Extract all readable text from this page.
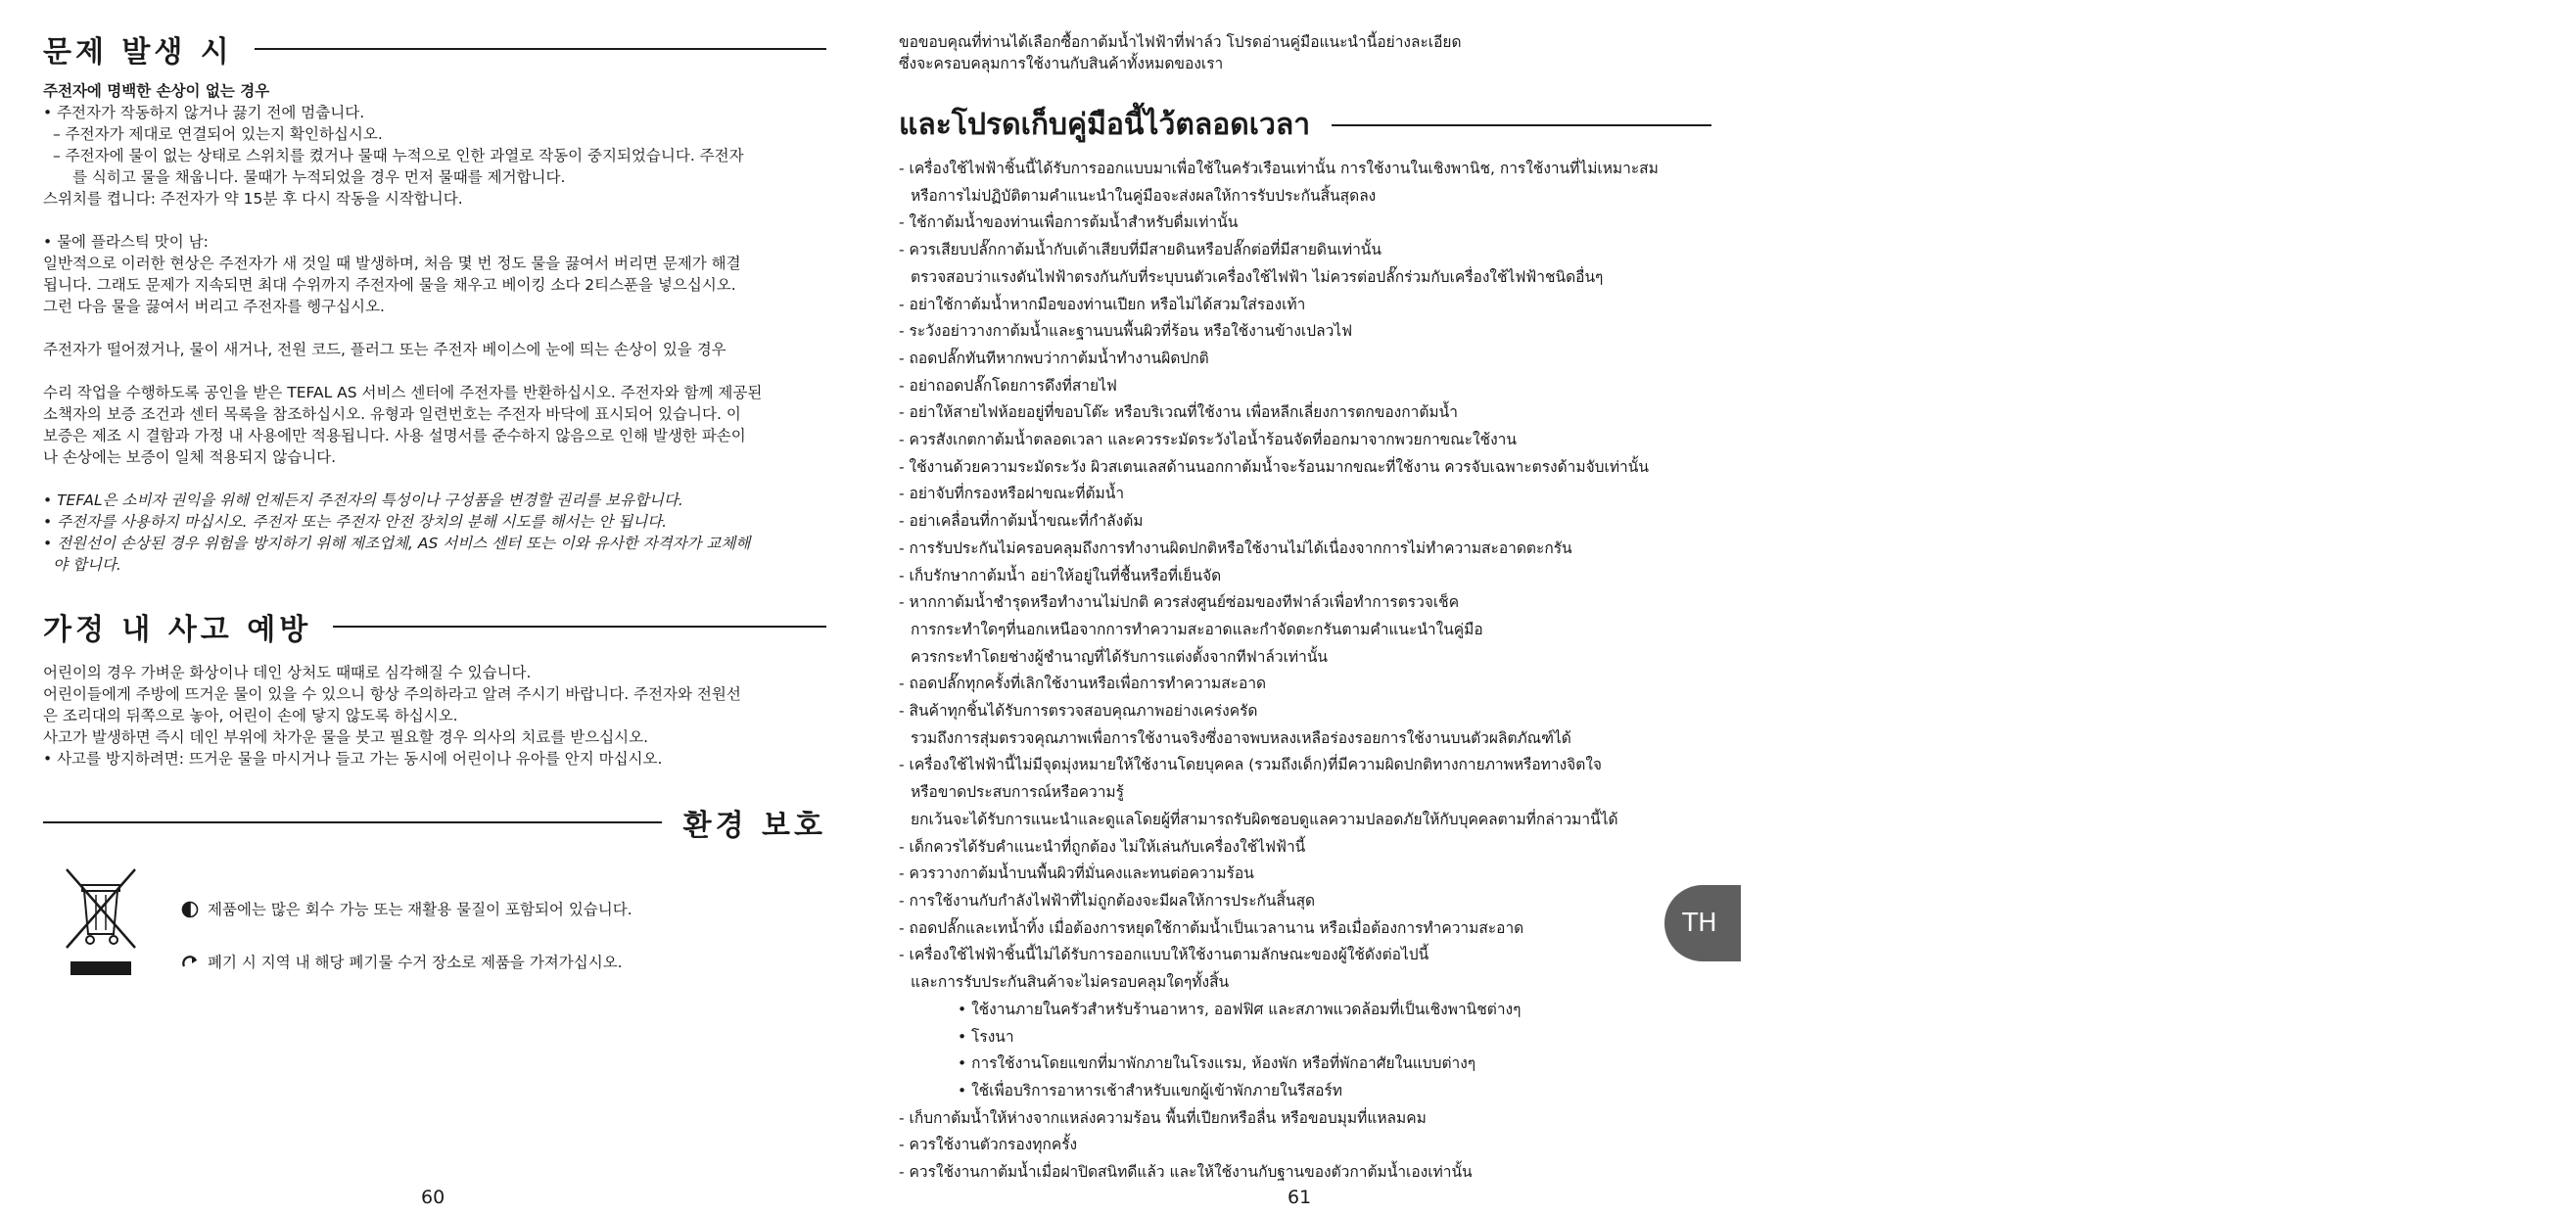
문제 발생 시

주전자에 명백한 손상이 없는 경우

• 주전자가 작동하지 않거나 끓기 전에 멈춥니다.

– 주전자가 제대로 연결되어 있는지 확인하십시오.

– 주전자에 물이 없는 상태로 스위치를 켰거나 물때 누적으로 인한 과열로 작동이 중지되었습니다. 주전자

를 식히고 물을 채웁니다. 물때가 누적되었을 경우 먼저 물때를 제거합니다.

스위치를 켭니다: 주전자가 약 15분 후 다시 작동을 시작합니다.

• 물에 플라스틱 맛이 남:

일반적으로 이러한 현상은 주전자가 새 것일 때 발생하며, 처음 몇 번 정도 물을 끓여서 버리면 문제가 해결

됩니다. 그래도 문제가 지속되면 최대 수위까지 주전자에 물을 채우고 베이킹 소다 2티스푼을 넣으십시오.

그런 다음 물을 끓여서 버리고 주전자를 헹구십시오.

주전자가 떨어졌거나, 물이 새거나, 전원 코드, 플러그 또는 주전자 베이스에 눈에 띄는 손상이 있을 경우

수리 작업을 수행하도록 공인을 받은 TEFAL AS 서비스 센터에 주전자를 반환하십시오. 주전자와 함께 제공된

소책자의 보증 조건과 센터 목록을 참조하십시오. 유형과 일련번호는 주전자 바닥에 표시되어 있습니다. 이

보증은 제조 시 결함과 가정 내 사용에만 적용됩니다. 사용 설명서를 준수하지 않음으로 인해 발생한 파손이

나 손상에는 보증이 일체 적용되지 않습니다.

• TEFAL은 소비자 권익을 위해 언제든지 주전자의 특성이나 구성품을 변경할 권리를 보유합니다.

• 주전자를 사용하지 마십시오. 주전자 또는 주전자 안전 장치의 분해 시도를 해서는 안 됩니다.

• 전원선이 손상된 경우 위험을 방지하기 위해 제조업체, AS 서비스 센터 또는 이와 유사한 자격자가 교체해

야 합니다.

가정 내 사고 예방

어린이의 경우 가벼운 화상이나 데인 상처도 때때로 심각해질 수 있습니다.

어린이들에게 주방에 뜨거운 물이 있을 수 있으니 항상 주의하라고 알려 주시기 바랍니다. 주전자와 전원선

은 조리대의 뒤쪽으로 놓아, 어린이 손에 닿지 않도록 하십시오.

사고가 발생하면 즉시 데인 부위에 차가운 물을 붓고 필요할 경우 의사의 치료를 받으십시오.

• 사고를 방지하려면: 뜨거운 물을 마시거나 들고 가는 동시에 어린이나 유아를 안지 마십시오.

환경 보호
제품에는 많은 회수 가능 또는 재활용 물질이 포함되어 있습니다.
폐기 시 지역 내 해당 폐기물 수거 장소로 제품을 가져가십시오.
60

ขอขอบคุณที่ท่านได้เลือกซื้อกาต้มน้ำไฟฟ้าที่ฟาล์ว โปรดอ่านคู่มือแนะนำนี้อย่างละเอียด

ซึ่งจะครอบคลุมการใช้งานกับสินค้าทั้งหมดของเรา

และโปรดเก็บคู่มือนี้ไว้ตลอดเวลา

- เครื่องใช้ไฟฟ้าชิ้นนี้ได้รับการออกแบบมาเพื่อใช้ในครัวเรือนเท่านั้น การใช้งานในเชิงพานิช, การใช้งานที่ไม่เหมาะสม

หรือการไม่ปฏิบัติตามคำแนะนำในคู่มือจะส่งผลให้การรับประกันสิ้นสุดลง

- ใช้กาต้มน้ำของท่านเพื่อการต้มน้ำสำหรับดื่มเท่านั้น

- ควรเสียบปลั๊กกาต้มน้ำกับเต้าเสียบที่มีสายดินหรือปลั๊กต่อที่มีสายดินเท่านั้น

ตรวจสอบว่าแรงดันไฟฟ้าตรงกันกับที่ระบุบนตัวเครื่องใช้ไฟฟ้า ไม่ควรต่อปลั๊กร่วมกับเครื่องใช้ไฟฟ้าชนิดอื่นๆ

- อย่าใช้กาต้มน้ำหากมือของท่านเปียก หรือไม่ได้สวมใส่รองเท้า

- ระวังอย่าวางกาต้มน้ำและฐานบนพื้นผิวที่ร้อน หรือใช้งานข้างเปลวไฟ

- ถอดปลั๊กทันทีหากพบว่ากาต้มน้ำทำงานผิดปกติ

- อย่าถอดปลั๊กโดยการดึงที่สายไฟ

- อย่าให้สายไฟห้อยอยู่ที่ขอบโต๊ะ หรือบริเวณที่ใช้งาน เพื่อหลีกเลี่ยงการตกของกาต้มน้ำ

- ควรสังเกตกาต้มน้ำตลอดเวลา และควรระมัดระวังไอน้ำร้อนจัดที่ออกมาจากพวยกาขณะใช้งาน

- ใช้งานด้วยความระมัดระวัง ผิวสเตนเลสด้านนอกกาต้มน้ำจะร้อนมากขณะที่ใช้งาน ควรจับเฉพาะตรงด้ามจับเท่านั้น

- อย่าจับที่กรองหรือฝาขณะที่ต้มน้ำ

- อย่าเคลื่อนที่กาต้มน้ำขณะที่กำลังต้ม

- การรับประกันไม่ครอบคลุมถึงการทำงานผิดปกติหรือใช้งานไม่ได้เนื่องจากการไม่ทำความสะอาดตะกรัน

- เก็บรักษากาต้มน้ำ อย่าให้อยู่ในที่ชื้นหรือที่เย็นจัด

- หากกาต้มน้ำชำรุดหรือทำงานไม่ปกติ ควรส่งศูนย์ซ่อมของทีฟาล์วเพื่อทำการตรวจเช็ค

การกระทำใดๆที่นอกเหนือจากการทำความสะอาดและกำจัดตะกรันตามคำแนะนำในคู่มือ

ควรกระทำโดยช่างผู้ชำนาญที่ได้รับการแต่งตั้งจากทีฟาล์วเท่านั้น

- ถอดปลั๊กทุกครั้งที่เลิกใช้งานหรือเพื่อการทำความสะอาด

- สินค้าทุกชิ้นได้รับการตรวจสอบคุณภาพอย่างเคร่งครัด

รวมถึงการสุ่มตรวจคุณภาพเพื่อการใช้งานจริงซึ่งอาจพบหลงเหลือร่องรอยการใช้งานบนตัวผลิตภัณฑ์ได้

- เครื่องใช้ไฟฟ้านี้ไม่มีจุดมุ่งหมายให้ใช้งานโดยบุคคล (รวมถึงเด็ก)ที่มีความผิดปกติทางกายภาพหรือทางจิตใจ

หรือขาดประสบการณ์หรือความรู้

ยกเว้นจะได้รับการแนะนำและดูแลโดยผู้ที่สามารถรับผิดชอบดูแลความปลอดภัยให้กับบุคคลตามที่กล่าวมานี้ได้

- เด็กควรได้รับคำแนะนำที่ถูกต้อง ไม่ให้เล่นกับเครื่องใช้ไฟฟ้านี้

- ควรวางกาต้มน้ำบนพื้นผิวที่มั่นคงและทนต่อความร้อน

- การใช้งานกับกำลังไฟฟ้าที่ไม่ถูกต้องจะมีผลให้การประกันสิ้นสุด

- ถอดปลั๊กและเทน้ำทิ้ง เมื่อต้องการหยุดใช้กาต้มน้ำเป็นเวลานาน หรือเมื่อต้องการทำความสะอาด

- เครื่องใช้ไฟฟ้าชิ้นนี้ไม่ได้รับการออกแบบให้ใช้งานตามลักษณะของผู้ใช้ดังต่อไปนี้

และการรับประกันสินค้าจะไม่ครอบคลุมใดๆทั้งสิ้น

• ใช้งานภายในครัวสำหรับร้านอาหาร, ออฟฟิศ และสภาพแวดล้อมที่เป็นเชิงพานิชต่างๆ

• โรงนา

• การใช้งานโดยแขกที่มาพักภายในโรงแรม, ห้องพัก หรือที่พักอาศัยในแบบต่างๆ

• ใช้เพื่อบริการอาหารเช้าสำหรับแขกผู้เข้าพักภายในรีสอร์ท

- เก็บกาต้มน้ำให้ห่างจากแหล่งความร้อน พื้นที่เปียกหรือลื่น หรือขอบมุมที่แหลมคม

- ควรใช้งานตัวกรองทุกครั้ง

- ควรใช้งานกาต้มน้ำเมื่อฝาปิดสนิทดีแล้ว และให้ใช้งานกับฐานของตัวกาต้มน้ำเองเท่านั้น

61
TH
